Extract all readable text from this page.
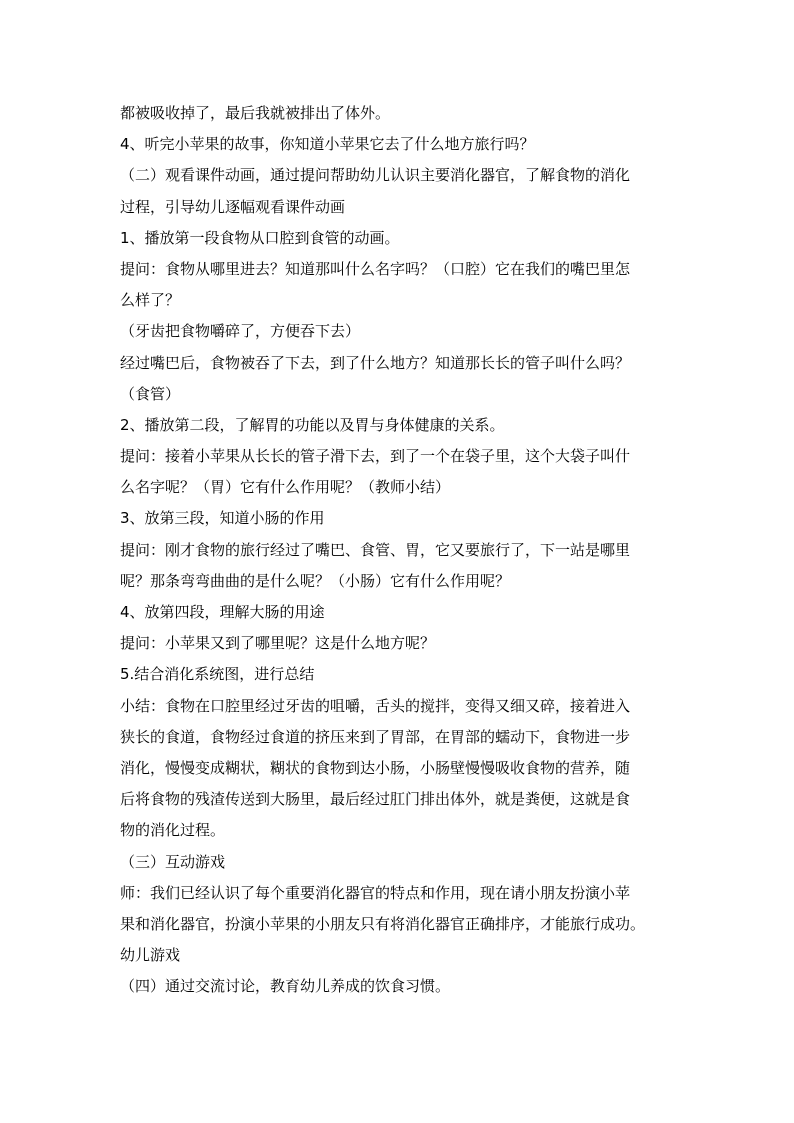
都被吸收掉了，最后我就被排出了体外。
4、听完小苹果的故事，你知道小苹果它去了什么地方旅行吗？
（二）观看课件动画，通过提问帮助幼儿认识主要消化器官，了解食物的消化
过程，引导幼儿逐幅观看课件动画
1、播放第一段食物从口腔到食管的动画。
提问：食物从哪里进去？知道那叫什么名字吗？（口腔）它在我们的嘴巴里怎
么样了？
（牙齿把食物嚼碎了，方便吞下去）
经过嘴巴后，食物被吞了下去，到了什么地方？知道那长长的管子叫什么吗？
（食管）
2、播放第二段，了解胃的功能以及胃与身体健康的关系。
提问：接着小苹果从长长的管子滑下去，到了一个在袋子里，这个大袋子叫什
么名字呢？（胃）它有什么作用呢？（教师小结）
3、放第三段，知道小肠的作用
提问：刚才食物的旅行经过了嘴巴、食管、胃，它又要旅行了，下一站是哪里
呢？那条弯弯曲曲的是什么呢？（小肠）它有什么作用呢？
4、放第四段，理解大肠的用途
提问：小苹果又到了哪里呢？这是什么地方呢？
5.结合消化系统图，进行总结
小结：食物在口腔里经过牙齿的咀嚼，舌头的搅拌，变得又细又碎，接着进入
狭长的食道，食物经过食道的挤压来到了胃部，在胃部的蠕动下，食物进一步
消化，慢慢变成糊状，糊状的食物到达小肠，小肠壁慢慢吸收食物的营养，随
后将食物的残渣传送到大肠里，最后经过肛门排出体外，就是粪便，这就是食
物的消化过程。
（三）互动游戏
师：我们已经认识了每个重要消化器官的特点和作用，现在请小朋友扮演小苹
果和消化器官，扮演小苹果的小朋友只有将消化器官正确排序，才能旅行成功。
幼儿游戏
（四）通过交流讨论，教育幼儿养成的饮食习惯。
